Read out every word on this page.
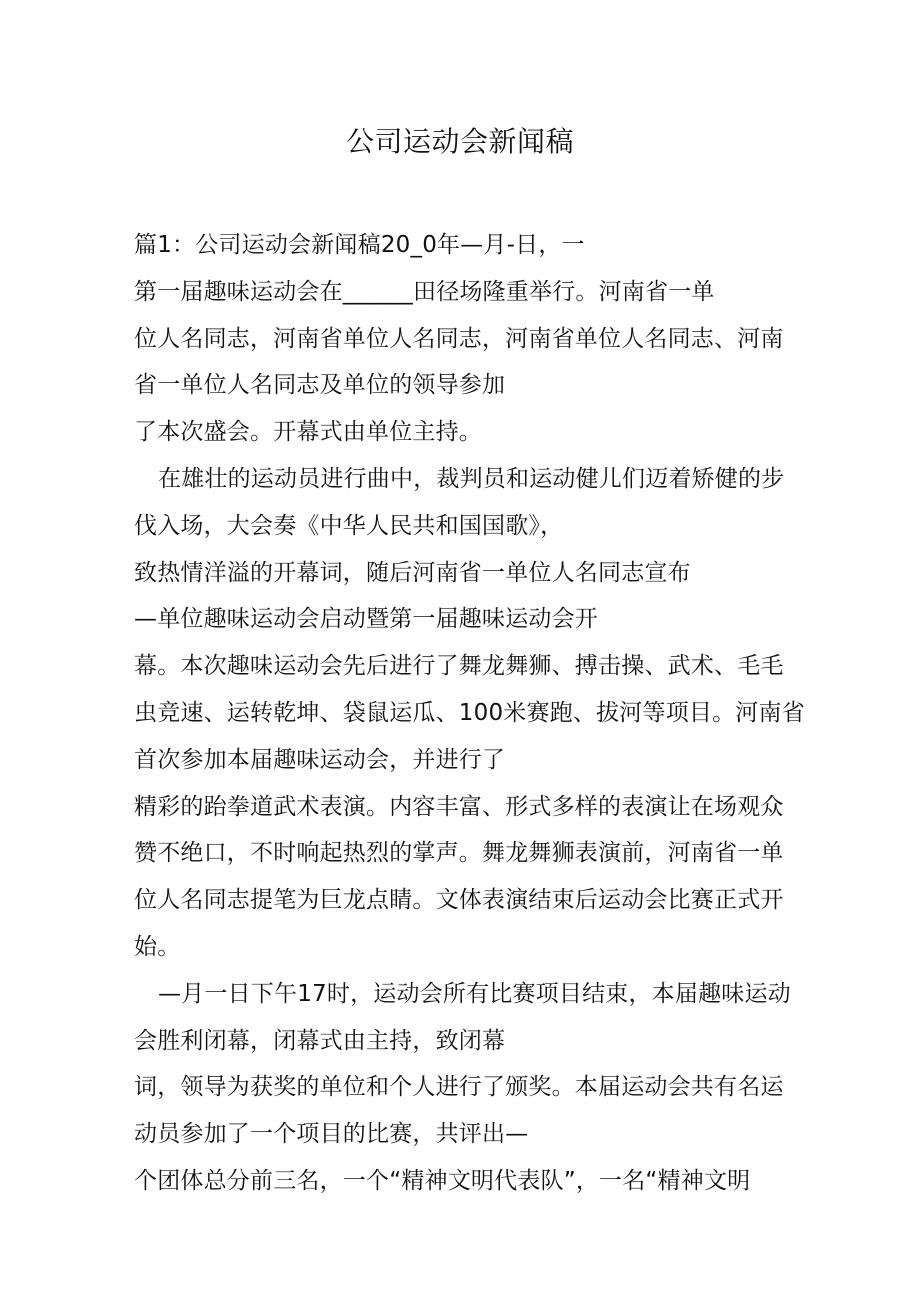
公司运动会新闻稿
篇1：公司运动会新闻稿20_0年—月-日，一
第一届趣味运动会在______田径场隆重举行。河南省一单
位人名同志，河南省单位人名同志，河南省单位人名同志、河南
省一单位人名同志及单位的领导参加
了本次盛会。开幕式由单位主持。
在雄壮的运动员进行曲中，裁判员和运动健儿们迈着矫健的步
伐入场，大会奏《中华人民共和国国歌》，
致热情洋溢的开幕词，随后河南省一单位人名同志宣布
—单位趣味运动会启动暨第一届趣味运动会开
幕。本次趣味运动会先后进行了舞龙舞狮、搏击操、武术、毛毛
虫竞速、运转乾坤、袋鼠运瓜、100米赛跑、拔河等项目。河南省
首次参加本届趣味运动会，并进行了
精彩的跆拳道武术表演。内容丰富、形式多样的表演让在场观众
赞不绝口，不时响起热烈的掌声。舞龙舞狮表演前，河南省一单
位人名同志提笔为巨龙点睛。文体表演结束后运动会比赛正式开
始。
—月一日下午17时，运动会所有比赛项目结束，本届趣味运动
会胜利闭幕，闭幕式由主持，致闭幕
词，领导为获奖的单位和个人进行了颁奖。本届运动会共有名运
动员参加了一个项目的比赛，共评出—
个团体总分前三名，一个“精神文明代表队”，一名“精神文明
